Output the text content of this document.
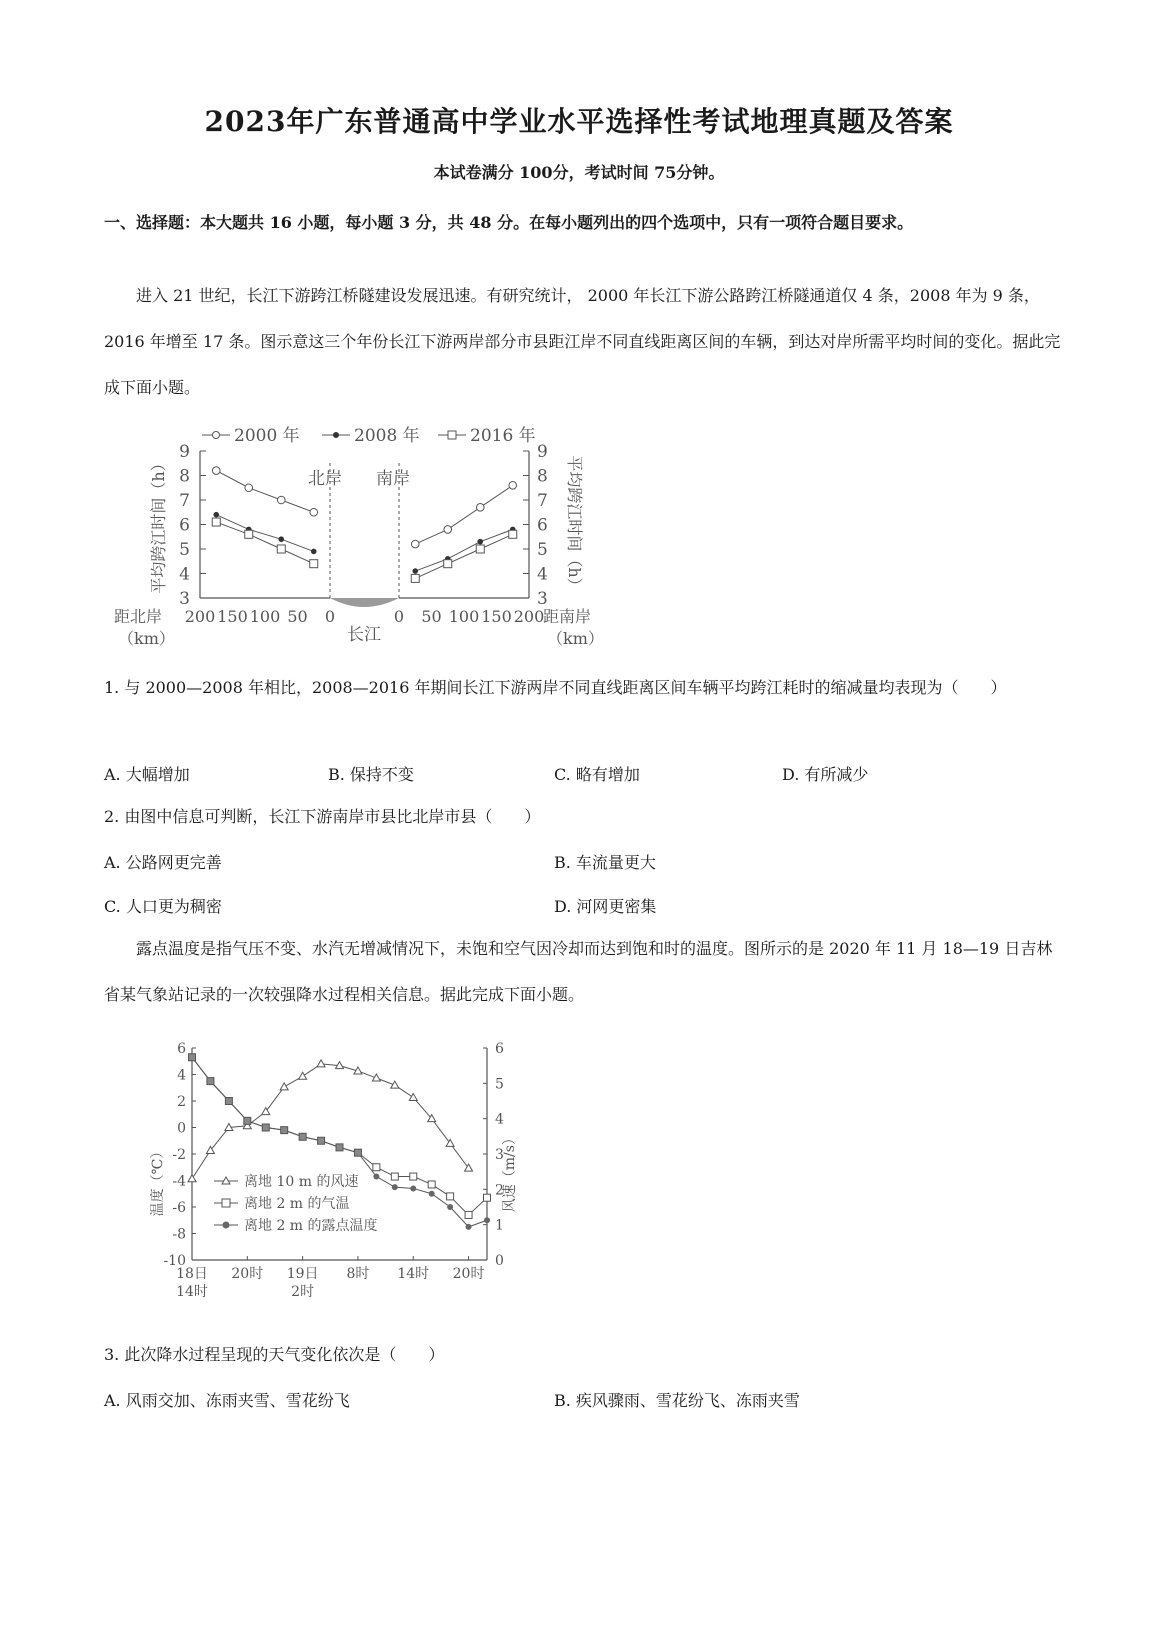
2023年广东普通高中学业水平选择性考试地理真题及答案
本试卷满分 100分，考试时间 75分钟。
一、选择题：本大题共 16 小题，每小题 3 分，共 48 分。在每小题列出的四个选项中，只有一项符合题目要求。
进入 21 世纪，长江下游跨江桥隧建设发展迅速。有研究统计， 2000 年长江下游公路跨江桥隧通道仅 4 条，2008 年为 9 条，2016 年增至 17 条。图示意这三个年份长江下游两岸部分市县距江岸不同直线距离区间的车辆，到达对岸所需平均时间的变化。据此完成下面小题。
3	3
4	4
5	5
6	6
7	7
8	8
9	9
200 150 100 50 0	0 50 100 150 200
北岸 南岸
长江
距北岸
（km）
距南岸
（km）
平均跨江时间（h）	平均跨江时间（h）
2000 年	2008 年	2016 年
1. 与 2000—2008 年相比，2008—2016 年期间长江下游两岸不同直线距离区间车辆平均跨江耗时的缩减量均表现为（　　）
A. 大幅增加	B. 保持不变	C. 略有增加	D. 有所减少
2. 由图中信息可判断，长江下游南岸市县比北岸市县（　　）
A. 公路网更完善	B. 车流量更大
C. 人口更为稠密	D. 河网更密集
露点温度是指气压不变、水汽无增减情况下，未饱和空气因冷却而达到饱和时的温度。图所示的是 2020 年 11 月 18—19 日吉林省某气象站记录的一次较强降水过程相关信息。据此完成下面小题。
6
4
2
0
-2
-4
-6
-8
-10
6
5
4
3
2
1
0
温度（℃）	风速（m/s）
18日
14时
20时 19日
2时
8时 14时 20时
离地 10 m 的风速
离地 2 m 的气温
离地 2 m 的露点温度
3. 此次降水过程呈现的天气变化依次是（　　）
A. 风雨交加、冻雨夹雪、雪花纷飞	B. 疾风骤雨、雪花纷飞、冻雨夹雪
